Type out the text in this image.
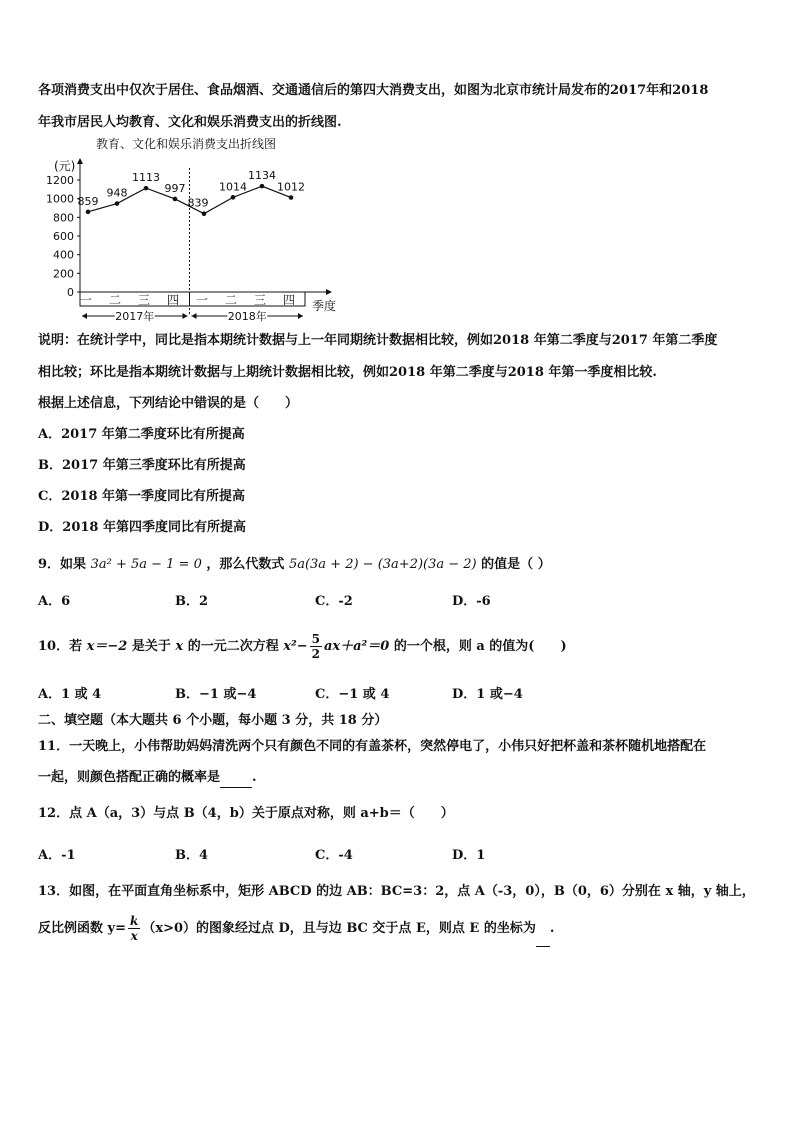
各项消费支出中仅次于居住、食品烟酒、交通通信后的第四大消费支出，如图为北京市统计局发布的2017年和2018
年我市居民人均教育、文化和娱乐消费支出的折线图.
教育、文化和娱乐消费支出折线图
(元)
季度
0
200
400
600
800
1000
1200
一 二 三 四 一 二 三 四
2017年	2018年
859
948
1113
997
839
1014
1134
1012
说明：在统计学中，同比是指本期统计数据与上一年同期统计数据相比较，例如2018 年第二季度与2017 年第二季度
相比较；环比是指本期统计数据与上期统计数据相比较，例如2018 年第二季度与2018 年第一季度相比较.
根据上述信息，下列结论中错误的是（　　）
A．2017 年第二季度环比有所提高
B．2017 年第三季度环比有所提高
C．2018 年第一季度同比有所提高
D．2018 年第四季度同比有所提高
9．如果 3a² + 5a − 1 = 0 ，那么代数式 5a(3a + 2) − (3a+2)(3a − 2) 的值是（ ）
A．6	B．2	C．-2	D．-6
10．若 x＝−2 是关于 x 的一元二次方程 $x^2- \frac{5}{2} ax+a^2=0$ 的一个根，则 a 的值为(　　)
A．1 或 4	B．−1 或−4	C．−1 或 4	D．1 或−4
二、填空题（本大题共 6 个小题，每小题 3 分，共 18 分）
11．一天晚上，小伟帮助妈妈清洗两个只有颜色不同的有盖茶杯，突然停电了，小伟只好把杯盖和茶杯随机地搭配在
一起，则颜色搭配正确的概率是 .
12．点 A（a，3）与点 B（4，b）关于原点对称，则 a+b＝（　　）
A．-1	B．4	C．-4	D．1
13．如图，在平面直角坐标系中，矩形 ABCD 的边 AB：BC=3：2，点 A（-3，0），B（0，6）分别在 x 轴，y 轴上，
反比例函数 $y= \frac{k}{x} (x>0)$的图象经过点 D，且与边 BC 交于点 E，则点 E 的坐标为 .
